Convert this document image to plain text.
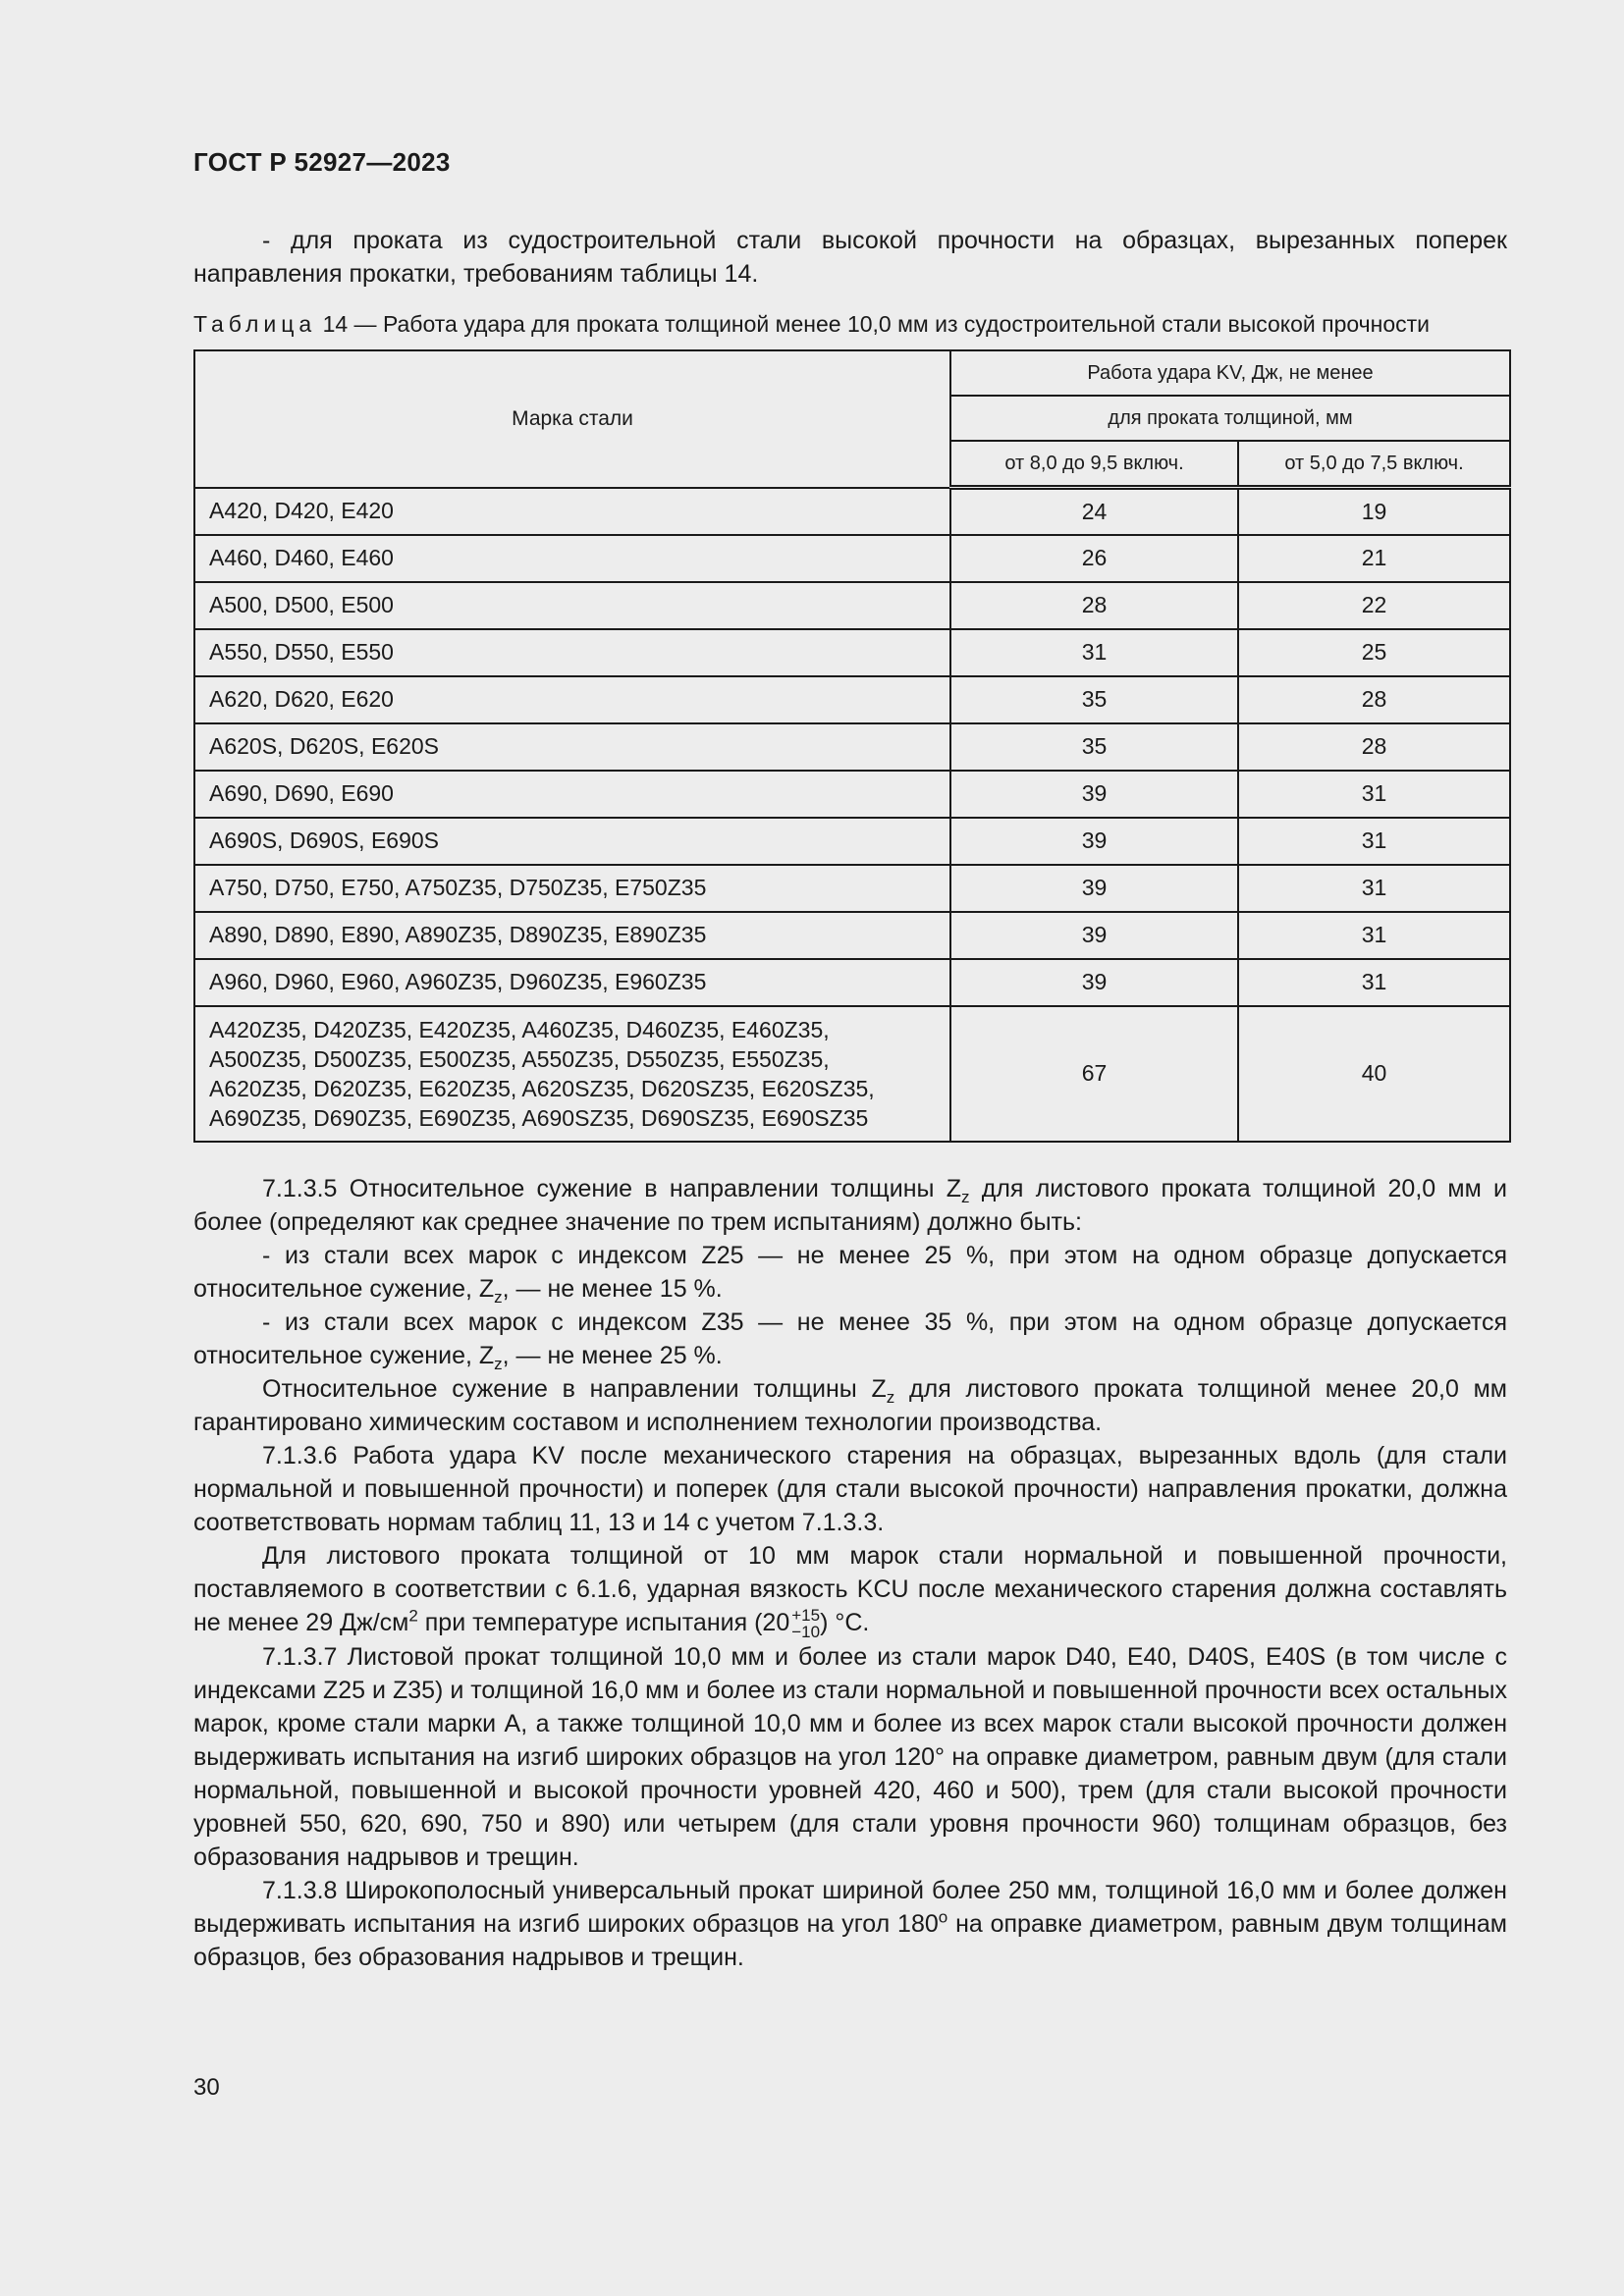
ГОСТ Р 52927—2023

- для проката из судостроительной стали высокой прочности на образцах, вырезанных поперек направления прокатки, требованиям таблицы 14.

Таблица 14 — Работа удара для проката толщиной менее 10,0 мм из судостроительной стали высокой прочности
Марка стали	Работа удара KV, Дж, не менее	
	для проката толщиной, мм	
	от 8,0 до 9,5 включ.	от 5,0 до 7,5 включ.
A420, D420, E420	24	19
A460, D460, E460	26	21
A500, D500, E500	28	22
A550, D550, E550	31	25
A620, D620, E620	35	28
A620S, D620S, E620S	35	28
A690, D690, E690	39	31
A690S, D690S, E690S	39	31
A750, D750, E750, A750Z35, D750Z35, E750Z35	39	31
A890, D890, E890, A890Z35, D890Z35, E890Z35	39	31
A960, D960, E960, A960Z35, D960Z35, E960Z35	39	31

A420Z35, D420Z35, E420Z35, A460Z35, D460Z35, E460Z35,
A500Z35, D500Z35, E500Z35, A550Z35, D550Z35, E550Z35,
A620Z35, D620Z35, E620Z35, A620SZ35, D620SZ35, E620SZ35,
A690Z35, D690Z35, E690Z35, A690SZ35, D690SZ35, E690SZ35	67	40

7.1.3.5 Относительное сужение в направлении толщины $Z_z$ для листового проката толщиной 20,0 мм и более (определяют как среднее значение по трем испытаниям) должно быть:

- из стали всех марок с индексом Z25 — не менее 25 %, при этом на одном образце допускается относительное сужение, $Z_z$, — не менее 15 %.

- из стали всех марок с индексом Z35 — не менее 35 %, при этом на одном образце допускается относительное сужение, $Z_z$, — не менее 25 %.

Относительное сужение в направлении толщины $Z_z$ для листового проката толщиной менее 20,0 мм гарантировано химическим составом и исполнением технологии производства.

7.1.3.6 Работа удара KV после механического старения на образцах, вырезанных вдоль (для стали нормальной и повышенной прочности) и поперек (для стали высокой прочности) направления прокатки, должна соответствовать нормам таблиц 11, 13 и 14 с учетом 7.1.3.3.

Для листового проката толщиной от 10 мм марок стали нормальной и повышенной прочности, поставляемого в соответствии с 6.1.6, ударная вязкость KCU после механического старения должна составлять не менее 29 $Дж/см^2$ при температуре испытания (20 +15
−10 ) °С.

7.1.3.7 Листовой прокат толщиной 10,0 мм и более из стали марок D40, E40, D40S, E40S (в том числе с индексами Z25 и Z35) и толщиной 16,0 мм и более из стали нормальной и повышенной прочности всех остальных марок, кроме стали марки А, а также толщиной 10,0 мм и более из всех марок стали высокой прочности должен выдерживать испытания на изгиб широких образцов на угол 120° на оправке диаметром, равным двум (для стали нормальной, повышенной и высокой прочности уровней 420, 460 и 500), трем (для стали высокой прочности уровней 550, 620, 690, 750 и 890) или четырем (для стали уровня прочности 960) толщинам образцов, без образования надрывов и трещин.

7.1.3.8 Широкополосный универсальный прокат шириной более 250 мм, толщиной 16,0 мм и более должен выдерживать испытания на изгиб широких образцов на угол 180$^o$ на оправке диаметром, равным двум толщинам образцов, без образования надрывов и трещин.

30
